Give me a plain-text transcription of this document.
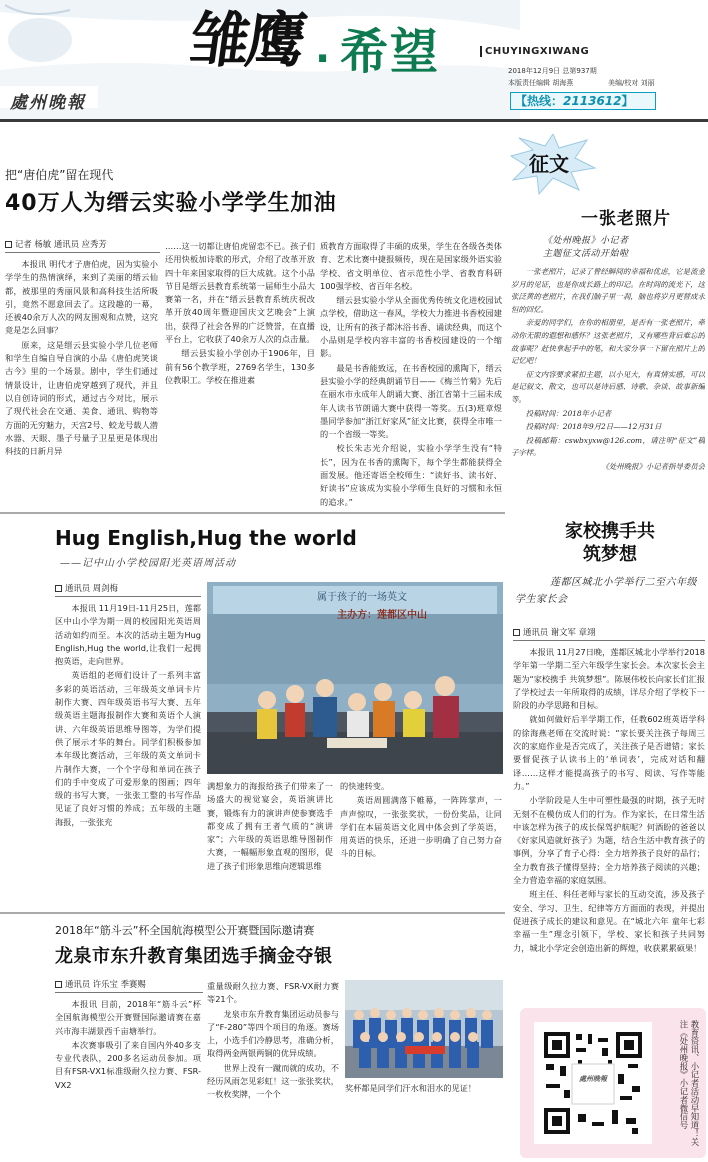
處州晚報
雏鹰 · 希望	CHUYINGXIWANG
2018年12月9日 总第937期
本版责任编辑 胡海燕	美编/校对 刘丽
【热线：2113612】
把“唐伯虎”留在现代
40万人为缙云实验小学学生加油
记者 杨敏 通讯员 应秀芳

本报讯 明代才子唐伯虎，因为实验小学学生的热情演绎，来到了美丽的缙云仙都，被那里的秀丽风景和高科技生活所吸引，竟然不愿意回去了。这段趣的一幕，还被40余万人次的网友围观和点赞，这究竟是怎么回事？

原来，这是缙云县实验小学几位老师和学生自编自导自演的小品《唐伯虎笑谈古今》里的一个场景。剧中，学生们通过情景设计，让唐伯虎穿越到了现代，并且以自创诗词的形式，通过古今对比，展示了现代社会在交通、美食、通讯、购物等方面的无穷魅力，天宫2号、蛟龙号载人潜水器、天眼、墨子号量子卫星更是体现出科技的日新月异

……这一切都让唐伯虎留恋不已。孩子们还用快板加诗歌的形式，介绍了改革开放四十年来国家取得的巨大成就。这个小品节目是缙云县教育系统第一届师生小品大赛第一名，并在“缙云县教育系统庆祝改革开放40周年暨迎国庆文艺晚会”上演出，获得了社会各界的广泛赞誉，在直播平台上，它收获了40余万人次的点击量。

缙云县实验小学创办于1906年，目前有56个教学班，2769名学生，130多位教职工。学校在推进素

质教育方面取得了丰硕的成果，学生在各级各类体育、艺术比赛中捷报频传，现在是国家级外语实验学校、省文明单位、省示范性小学、省教育科研100强学校、省百年名校。

缙云县实验小学从全面优秀传统文化进校园试点学校，借助这一春风，学校大力推进书香校园建设，让所有的孩子都沐浴书香、诵读经典，而这个小品则是学校内容丰富的书香校园建设的一个缩影。

最是书香能致远，在书香校园的熏陶下，缙云县实验小学的经典朗诵节目——《梅兰竹菊》先后在丽水市永成年人朗诵大赛、浙江省第十三届未成年人读书节朗诵大赛中获得一等奖。五(3)班章煜墨同学参加“浙江好家风”征文比赛，获得全市唯一的一个省级一等奖。

校长朱志光介绍说，实验小学学生没有“特长”，因为在书香的熏陶下，每个学生都能获得全面发展。他还寄语全校师生：“读好书、读书好、好读书”应该成为实验小学师生良好的习惯和永恒的追求。”

征文
一张老照片
《处州晚报》小记者
主题征文活动开始啦

一张老照片，记录了曾经瞬间的幸福和优虑，它是流金岁月的见证，也是你成长路上的印记。在时间的流光下，这张泛黄的老照片，在我们脑子里一刹，脑也将岁月更替成永恒的回忆。

亲爱的同学们，在你的相册里，是否有一张老照片，牵动你无限的遐想和感怀？这张老照片，又有哪些背后难忘的故事呢？赶快拿起手中的笔，和大家分享一下留在照片上的记忆吧！

征文内容要求紧扣主题，以小见大，有真情实感，可以是记叙文、散文，也可以是诗后感、诗歌、杂谈、故事新编等。

投稿时间：2018年小记者

投稿时间：2018年9月2日——12月31日

投稿邮箱：cswbxyxw@126.com，请注明“征文”稿子字样。

《处州晚报》小记者指导委员会

Hug English,Hug the world
——记中山小学校园阳光英语周活动
通讯员 周剑梅

本报讯 11月19日-11月25日，莲都区中山小学为期一周的校园阳光英语周活动如约而至。本次的活动主题为Hug English,Hug the world,让我们一起拥抱英语，走向世界。

英语组的老师们设计了一系列丰富多彩的英语活动，三年级英文单词卡片制作大赛、四年级英语书写大赛、五年级英语主题海报制作大赛和英语个人演讲、六年级英语思维导图等，为学们提供了展示才华的舞台。同学们积极参加本年级比赛活动，三年级的英文单词卡片制作大赛，一个个字母和单词在孩子们的手中变成了可爱形象的图画；四年级的书写大赛，一张张工整的书写作品见证了良好习惯的养成；五年级的主题海报，一张张充

属于孩子的一场英文
主办方：莲都区中山

满想象力的海报给孩子们带来了一场盛大的视觉宴会，英语演讲比赛，锻炼有力的演讲声使参赛选手都变成了拥有王者气质的“演讲家”；六年级的英语思维导图制作大赛，一幅幅形象直观的图形，促进了孩子们形象思维向逻辑思维

的快速转变。

英语周圆满落下帷幕，一阵阵掌声，一声声惊叹，一张张奖状，一份份奖品，让同学们在本届英语文化周中体会到了学英语，用英语的快乐，还进一步明确了自己努力奋斗的目标。

家校携手共筑梦想
莲都区城北小学举行二至六年级学生家长会
通讯员 谢文军 章翊

本报讯 11月27日晚，莲都区城北小学举行2018学年第一学期二至六年级学生家长会。本次家长会主题为“家校携手 共筑梦想”。陈展伟校长向家长们汇报了学校过去一年所取得的成绩，详尽介绍了学校下一阶段的办学思路和目标。

就如何做好后半学期工作，任教602班英语学科的徐海燕老师在交流时说：“家长要关注孩子每周三次的家庭作业是否完成了，关注孩子是否谱错；家长要督促孩子认读书上的‘单词表’，完成对话和翻译……这样才能提高孩子的书写、阅读、写作等能力。”

小学阶段是人生中可塑性最强的时期，孩子无时无刻不在模仿成人们的行为。作为家长，在日常生活中该怎样为孩子的成长保驾护航呢？何酒盼的爸爸以《好家风造就好孩子》为题，结合生活中教育孩子的事例，分享了育子心得：全力培养孩子良好的品行；全力教育孩子懂得坚持；全力培养孩子阅读的兴趣；全力营造幸福的家庭氛围。

班主任、科任老师与家长的互动交流，涉及孩子安全、学习、卫生、纪律等方方面面的表现，并提出促进孩子成长的建议和意见。在“城北六年 童年七彩 幸福一生”理念引领下，学校、家长和孩子共同努力，城北小学定会创造出新的辉煌，收获累累硕果！

2018年“筋斗云”杯全国航海模型公开赛暨国际邀请赛
龙泉市东升教育集团选手摘金夺银
通讯员 许乐宝 季赛赐

本报讯 目前，2018年“筋斗云”杯全国航海模型公开赛暨国际邀请赛在嘉兴市海丰湖景西千亩塘举行。

本次赛事吸引了来自国内外40多支专业代表队，200多名运动员参加。项目有FSR-VX1标准级耐久拉力赛、FSR-VX2

重量级耐久拉力赛、FSR-VX耐力赛等21个。

龙泉市东升教育集团运动员参与了“F-280”等四个项目的角逐。赛场上，小选手们冷静思考，准确分析，取得两金两银两铜的优异成绩。

世界上没有一蹴而就的成功，不经历风雨怎见彩虹！这一张张奖状，一枚枚奖牌，一个个

奖杯都是同学们汗水和泪水的见证！
處州晚報	教育资讯、小记者活动早知道！关注《处州晚报》小记者微信号
